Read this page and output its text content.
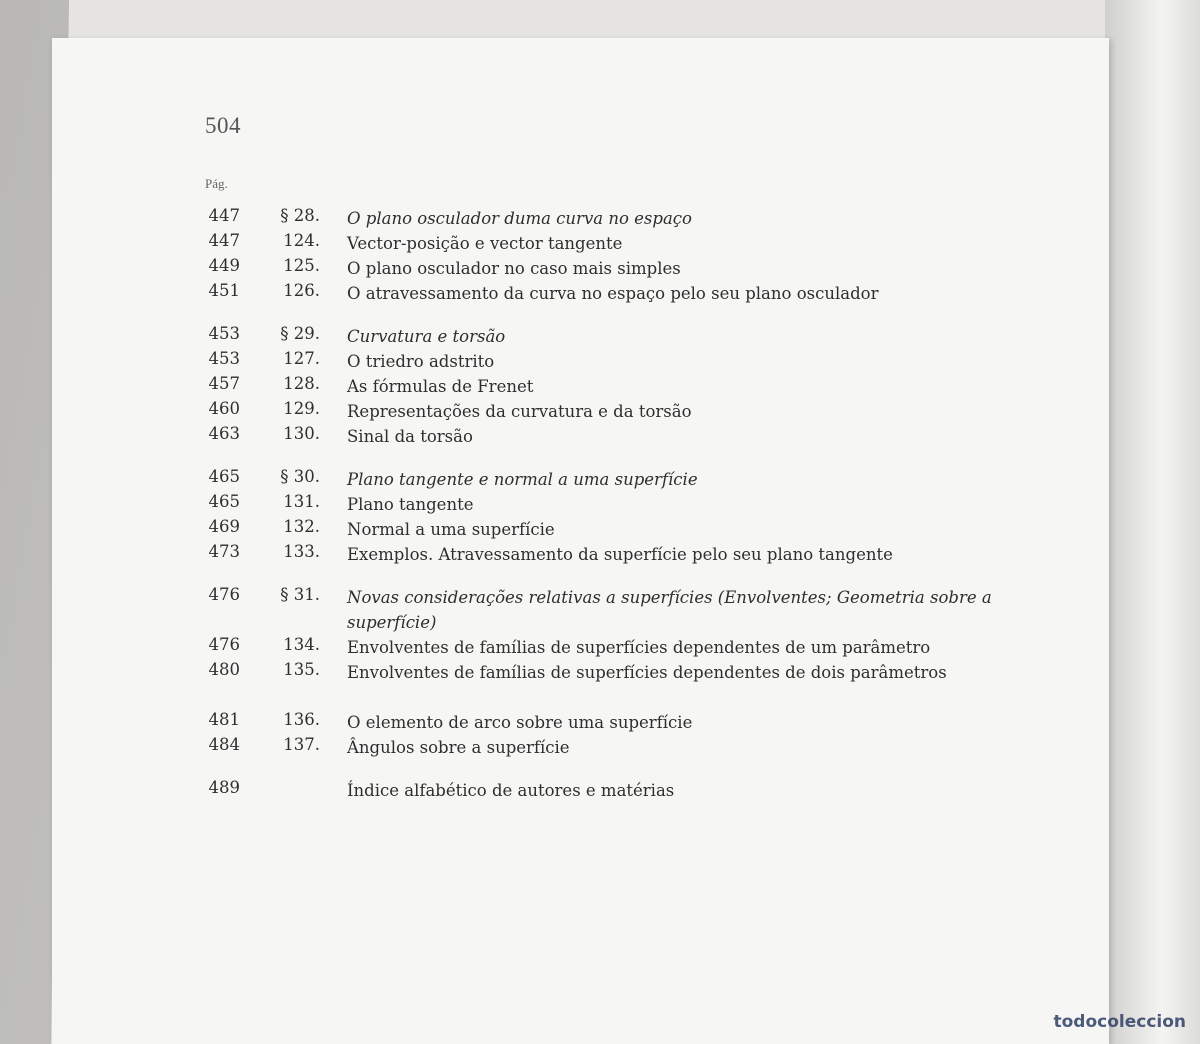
504
Pág.
447	§ 28. O plano osculador duma curva no espaço
447	124. Vector-posição e vector tangente
449	125. O plano osculador no caso mais simples
451	126. O atravessamento da curva no espaço pelo seu plano osculador
453	§ 29. Curvatura e torsão
453	127. O triedro adstrito
457	128. As fórmulas de Frenet
460	129. Representações da curvatura e da torsão
463	130. Sinal da torsão
465	§ 30. Plano tangente e normal a uma superfície
465	131. Plano tangente
469	132. Normal a uma superfície
473	133. Exemplos. Atravessamento da superfície pelo seu plano tangente
476	§ 31. Novas considerações relativas a superfícies (Envolventes; Geometria sobre a superfície)
476	134. Envolventes de famílias de superfícies dependentes de um parâmetro
480	135. Envolventes de famílias de superfícies dependentes de dois parâmetros
481	136. O elemento de arco sobre uma superfície
484	137. Ângulos sobre a superfície
489	Índice alfabético de autores e matérias
todocoleccion
